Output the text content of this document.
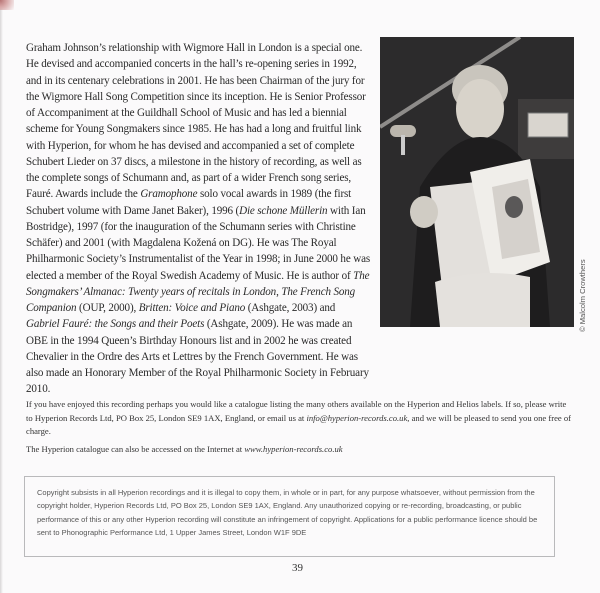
Graham Johnson’s relationship with Wigmore Hall in London is a special one. He devised and accompanied concerts in the hall’s re-opening series in 1992, and in its centenary celebrations in 2001. He has been Chairman of the jury for the Wigmore Hall Song Competition since its inception. He is Senior Professor of Accompaniment at the Guildhall School of Music and has led a biennial scheme for Young Songmakers since 1985. He has had a long and fruitful link with Hyperion, for whom he has devised and accompanied a set of complete Schubert Lieder on 37 discs, a milestone in the history of recording, as well as the complete songs of Schumann and, as part of a wider French song series, Fauré. Awards include the Gramophone solo vocal awards in 1989 (the first Schubert volume with Dame Janet Baker), 1996 (Die schone Müllerin with Ian Bostridge), 1997 (for the inauguration of the Schumann series with Christine Schäfer) and 2001 (with Magdalena Kožená on DG). He was The Royal Philharmonic Society’s Instrumentalist of the Year in 1998; in June 2000 he was elected a member of the Royal Swedish Academy of Music. He is author of The Songmakers’ Almanac: Twenty years of recitals in London, The French Song Companion (OUP, 2000), Britten: Voice and Piano (Ashgate, 2003) and Gabriel Fauré: the Songs and their Poets (Ashgate, 2009). He was made an OBE in the 1994 Queen’s Birthday Honours list and in 2002 he was created Chevalier in the Ordre des Arts et Lettres by the French Government. He was also made an Honorary Member of the Royal Philharmonic Society in February 2010.

© Malcolm Crowthers

If you have enjoyed this recording perhaps you would like a catalogue listing the many others available on the Hyperion and Helios labels. If so, please write to Hyperion Records Ltd, PO Box 25, London SE9 1AX, England, or email us at info@hyperion-records.co.uk, and we will be pleased to send you one free of charge.

The Hyperion catalogue can also be accessed on the Internet at www.hyperion-records.co.uk

Copyright subsists in all Hyperion recordings and it is illegal to copy them, in whole or in part, for any purpose whatsoever, without permission from the copyright holder, Hyperion Records Ltd, PO Box 25, London SE9 1AX, England. Any unauthorized copying or re-recording, broadcasting, or public performance of this or any other Hyperion recording will constitute an infringement of copyright. Applications for a public performance licence should be sent to Phonographic Performance Ltd, 1 Upper James Street, London W1F 9DE

39
